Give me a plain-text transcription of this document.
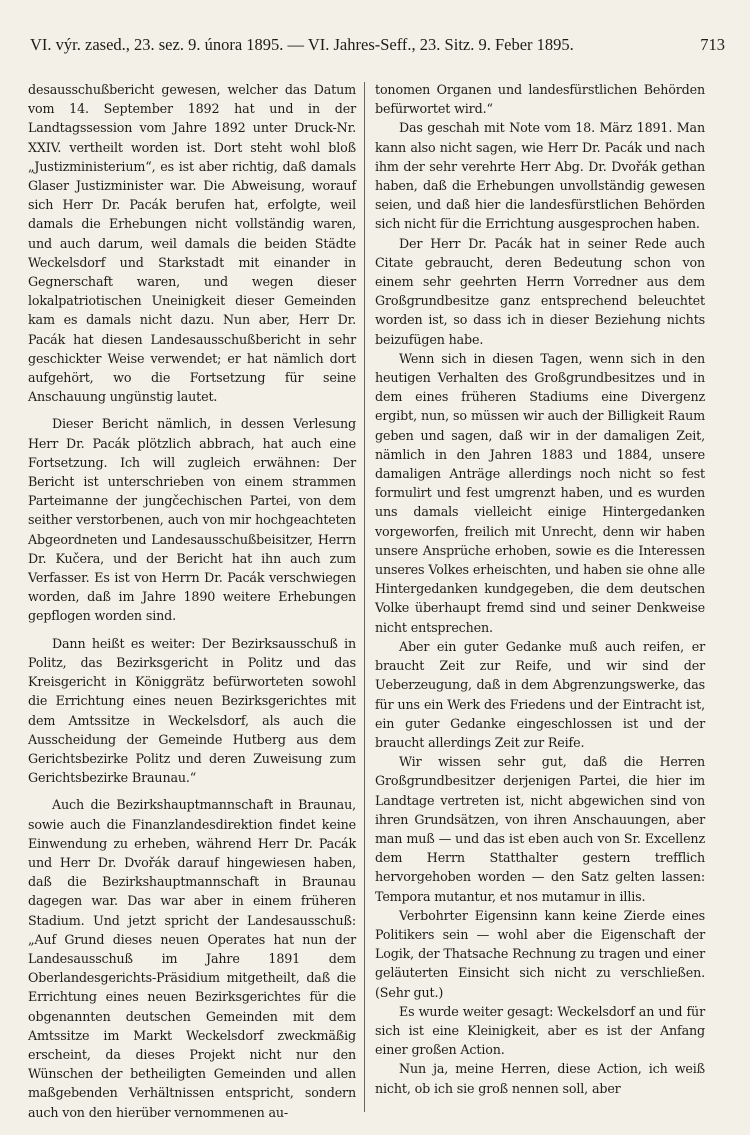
VI. výr. zased., 23. sez. 9. února 1895. — VI. Jahres-Seff., 23. Sitz. 9. Feber 1895.	713

desausschußbericht gewesen, welcher das Datum vom 14. September 1892 hat und in der Landtagssession vom Jahre 1892 unter Druck-Nr. XXIV. vertheilt worden ist. Dort steht wohl bloß „Justizministerium“, es ist aber richtig, daß damals Glaser Justizminister war. Die Abweisung, worauf sich Herr Dr. Pacák berufen hat, erfolgte, weil damals die Erhebungen nicht vollständig waren, und auch darum, weil damals die beiden Städte Weckelsdorf und Starkstadt mit einander in Gegnerschaft waren, und wegen dieser lokalpatriotischen Uneinigkeit dieser Gemeinden kam es damals nicht dazu. Nun aber, Herr Dr. Pacák hat diesen Landesausschußbericht in sehr geschickter Weise verwendet; er hat nämlich dort aufgehört, wo die Fortsetzung für seine Anschauung ungünstig lautet.

Dieser Bericht nämlich, in dessen Verlesung Herr Dr. Pacák plötzlich abbrach, hat auch eine Fortsetzung. Ich will zugleich erwähnen: Der Bericht ist unterschrieben von einem strammen Parteimanne der jungčechischen Partei, von dem seither verstorbenen, auch von mir hochgeachteten Abgeordneten und Landesausschußbeisitzer, Herrn Dr. Kučera, und der Bericht hat ihn auch zum Verfasser. Es ist von Herrn Dr. Pacák verschwiegen worden, daß im Jahre 1890 weitere Erhebungen gepflogen worden sind.

Dann heißt es weiter: Der Bezirksausschuß in Politz, das Bezirksgericht in Politz und das Kreisgericht in Königgrätz befürworteten sowohl die Errichtung eines neuen Bezirksgerichtes mit dem Amtssitze in Weckelsdorf, als auch die Ausscheidung der Gemeinde Hutberg aus dem Gerichtsbezirke Politz und deren Zuweisung zum Gerichtsbezirke Braunau.“

Auch die Bezirkshauptmannschaft in Braunau, sowie auch die Finanzlandesdirektion findet keine Einwendung zu erheben, während Herr Dr. Pacák und Herr Dr. Dvořák darauf hingewiesen haben, daß die Bezirkshauptmannschaft in Braunau dagegen war. Das war aber in einem früheren Stadium. Und jetzt spricht der Landesausschuß: „Auf Grund dieses neuen Operates hat nun der Landesausschuß im Jahre 1891 dem Oberlandesgerichts-Präsidium mitgetheilt, daß die Errichtung eines neuen Bezirksgerichtes für die obgenannten deutschen Gemeinden mit dem Amtssitze im Markt Weckelsdorf zweckmäßig erscheint, da dieses Projekt nicht nur den Wünschen der betheiligten Gemeinden und allen maßgebenden Verhältnissen entspricht, sondern auch von den hierüber vernommenen au-

tonomen Organen und landesfürstlichen Behörden befürwortet wird.“

Das geschah mit Note vom 18. März 1891. Man kann also nicht sagen, wie Herr Dr. Pacák und nach ihm der sehr verehrte Herr Abg. Dr. Dvořák gethan haben, daß die Erhebungen unvollständig gewesen seien, und daß hier die landesfürstlichen Behörden sich nicht für die Errichtung ausgesprochen haben.

Der Herr Dr. Pacák hat in seiner Rede auch Citate gebraucht, deren Bedeutung schon von einem sehr geehrten Herrn Vorredner aus dem Großgrundbesitze ganz entsprechend beleuchtet worden ist, so dass ich in dieser Beziehung nichts beizufügen habe.

Wenn sich in diesen Tagen, wenn sich in den heutigen Verhalten des Großgrundbesitzes und in dem eines früheren Stadiums eine Divergenz ergibt, nun, so müssen wir auch der Billigkeit Raum geben und sagen, daß wir in der damaligen Zeit, nämlich in den Jahren 1883 und 1884, unsere damaligen Anträge allerdings noch nicht so fest formulirt und fest umgrenzt haben, und es wurden uns damals vielleicht einige Hintergedanken vorgeworfen, freilich mit Unrecht, denn wir haben unsere Ansprüche erhoben, sowie es die Interessen unseres Volkes erheischten, und haben sie ohne alle Hintergedanken kundgegeben, die dem deutschen Volke überhaupt fremd sind und seiner Denkweise nicht entsprechen.

Aber ein guter Gedanke muß auch reifen, er braucht Zeit zur Reife, und wir sind der Ueberzeugung, daß in dem Abgrenzungswerke, das für uns ein Werk des Friedens und der Eintracht ist, ein guter Gedanke eingeschlossen ist und der braucht allerdings Zeit zur Reife.

Wir wissen sehr gut, daß die Herren Großgrundbesitzer derjenigen Partei, die hier im Landtage vertreten ist, nicht abgewichen sind von ihren Grundsätzen, von ihren Anschauungen, aber man muß — und das ist eben auch von Sr. Excellenz dem Herrn Statthalter gestern trefflich hervorgehoben worden — den Satz gelten lassen: Tempora mutantur, et nos mutamur in illis.

Verbohrter Eigensinn kann keine Zierde eines Politikers sein — wohl aber die Eigenschaft der Logik, der Thatsache Rechnung zu tragen und einer geläuterten Einsicht sich nicht zu verschließen. (Sehr gut.)

Es wurde weiter gesagt: Weckelsdorf an und für sich ist eine Kleinigkeit, aber es ist der Anfang einer großen Action.

Nun ja, meine Herren, diese Action, ich weiß nicht, ob ich sie groß nennen soll, aber
